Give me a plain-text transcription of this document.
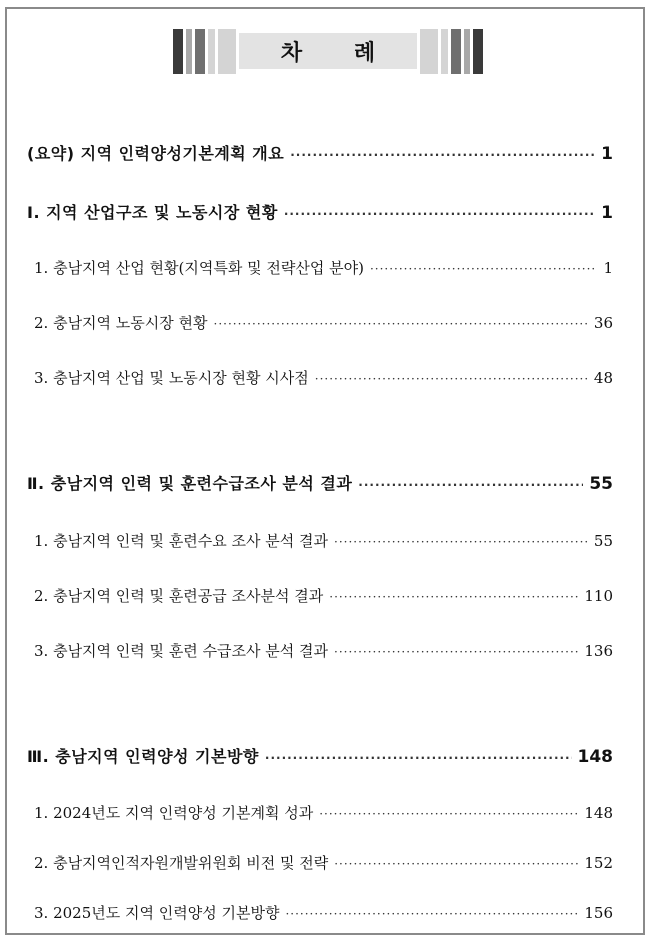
차 례
(요약) 지역 인력양성기본계획 개요 ·····	1
Ⅰ. 지역 산업구조 및 노동시장 현황 ·····	1
1. 충남지역 산업 현황(지역특화 및 전략산업 분야) ·····	1
2. 충남지역 노동시장 현황 ·····	36
3. 충남지역 산업 및 노동시장 현황 시사점 ·····	48
Ⅱ. 충남지역 인력 및 훈련수급조사 분석 결과 ·····	55
1. 충남지역 인력 및 훈련수요 조사 분석 결과 ·····	55
2. 충남지역 인력 및 훈련공급 조사분석 결과 ·····	110
3. 충남지역 인력 및 훈련 수급조사 분석 결과 ·····	136
Ⅲ. 충남지역 인력양성 기본방향 ·····	148
1. 2024년도 지역 인력양성 기본계획 성과 ·····	148
2. 충남지역인적자원개발위원회 비전 및 전략 ·····	152
3. 2025년도 지역 인력양성 기본방향 ·····	156
